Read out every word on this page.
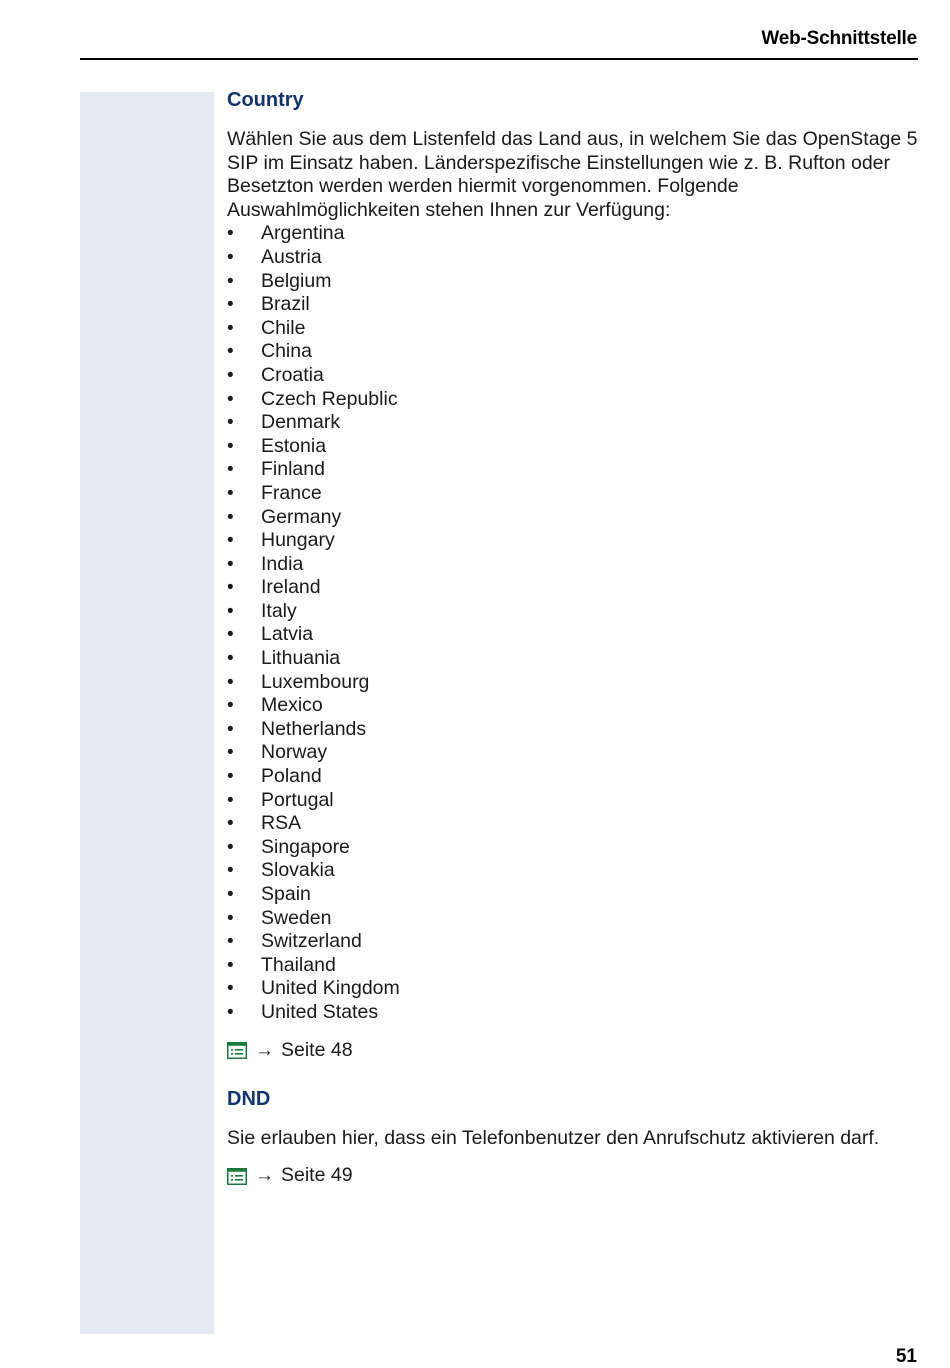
Web-Schnittstelle
Country

Wählen Sie aus dem Listenfeld das Land aus, in welchem Sie das OpenStage 5 SIP im Einsatz haben. Länderspezifische Einstellungen wie z. B. Rufton oder Besetzton werden werden hiermit vorgenommen. Folgende Auswahlmöglichkeiten stehen Ihnen zur Verfügung:

• Argentina
• Austria
• Belgium
• Brazil
• Chile
• China
• Croatia
• Czech Republic
• Denmark
• Estonia
• Finland
• France
• Germany
• Hungary
• India
• Ireland
• Italy
• Latvia
• Lithuania
• Luxembourg
• Mexico
• Netherlands
• Norway
• Poland
• Portugal
• RSA
• Singapore
• Slovakia
• Spain
• Sweden
• Switzerland
• Thailand
• United Kingdom
• United States
→ Seite 48
DND

Sie erlauben hier, dass ein Telefonbenutzer den Anrufschutz aktivieren darf.

→ Seite 49
51
